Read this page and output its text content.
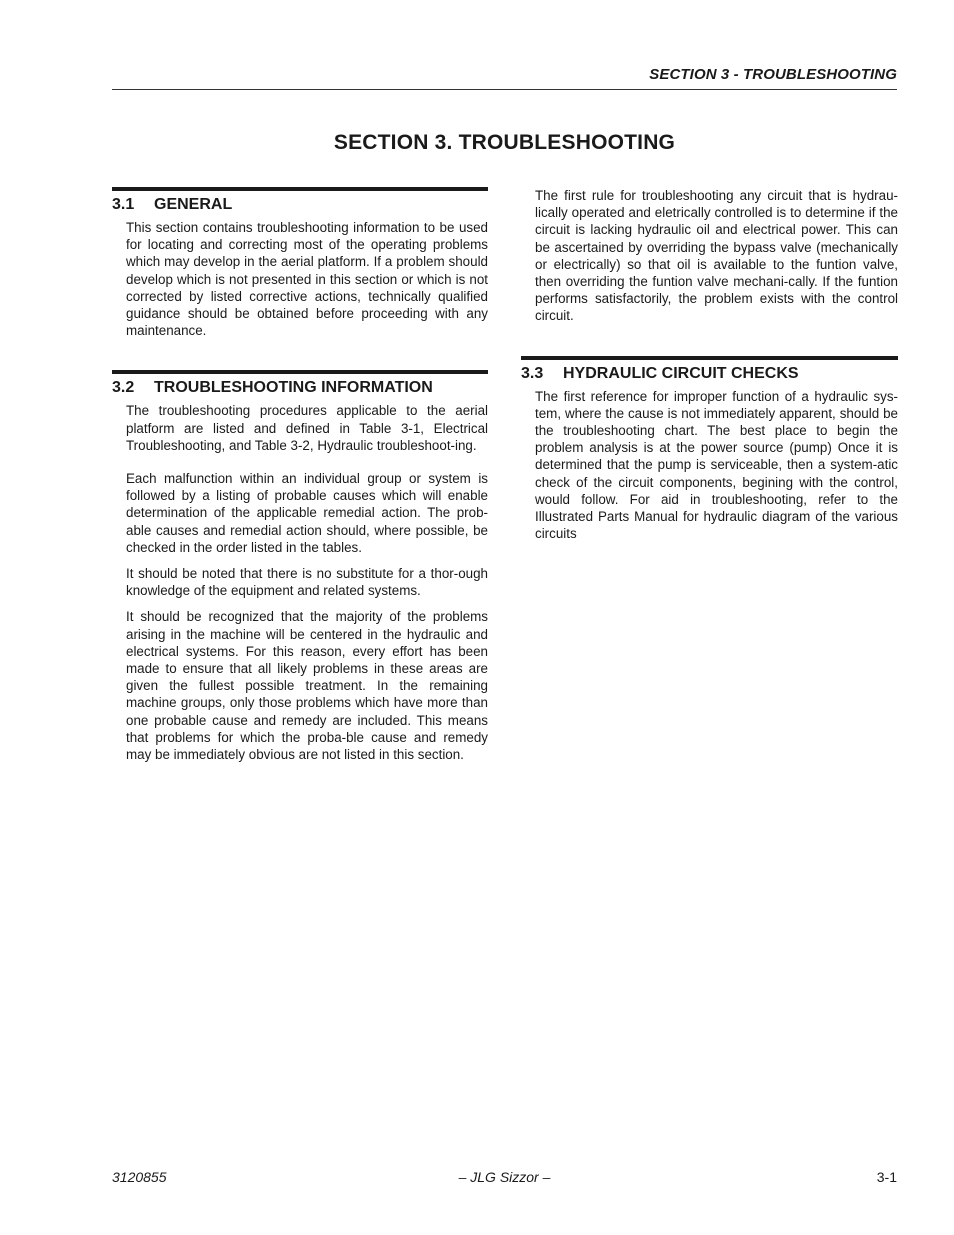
SECTION 3 - TROUBLESHOOTING
SECTION 3. TROUBLESHOOTING
3.1 GENERAL

This section contains troubleshooting information to be used for locating and correcting most of the operating problems which may develop in the aerial platform. If a problem should develop which is not presented in this section or which is not corrected by listed corrective actions, technically qualified guidance should be obtained before proceeding with any maintenance.

3.2 TROUBLESHOOTING INFORMATION

The troubleshooting procedures applicable to the aerial platform are listed and defined in Table 3-1, Electrical Troubleshooting, and Table 3-2, Hydraulic troubleshoot-ing.

Each malfunction within an individual group or system is followed by a listing of probable causes which will enable determination of the applicable remedial action. The prob-able causes and remedial action should, where possible, be checked in the order listed in the tables.

It should be noted that there is no substitute for a thor-ough knowledge of the equipment and related systems.

It should be recognized that the majority of the problems arising in the machine will be centered in the hydraulic and electrical systems. For this reason, every effort has been made to ensure that all likely problems in these areas are given the fullest possible treatment. In the remaining machine groups, only those problems which have more than one probable cause and remedy are included. This means that problems for which the proba-ble cause and remedy may be immediately obvious are not listed in this section.

The first rule for troubleshooting any circuit that is hydrau-lically operated and eletrically controlled is to determine if the circuit is lacking hydraulic oil and electrical power. This can be ascertained by overriding the bypass valve (mechanically or electrically) so that oil is available to the funtion valve, then overriding the funtion valve mechani-cally. If the funtion performs satisfactorily, the problem exists with the control circuit.

3.3 HYDRAULIC CIRCUIT CHECKS

The first reference for improper function of a hydraulic sys-tem, where the cause is not immediately apparent, should be the troubleshooting chart. The best place to begin the problem analysis is at the power source (pump) Once it is determined that the pump is serviceable, then a system-atic check of the circuit components, begining with the control, would follow. For aid in troubleshooting, refer to the Illustrated Parts Manual for hydraulic diagram of the various circuits

3120855	– JLG Sizzor –	3-1
